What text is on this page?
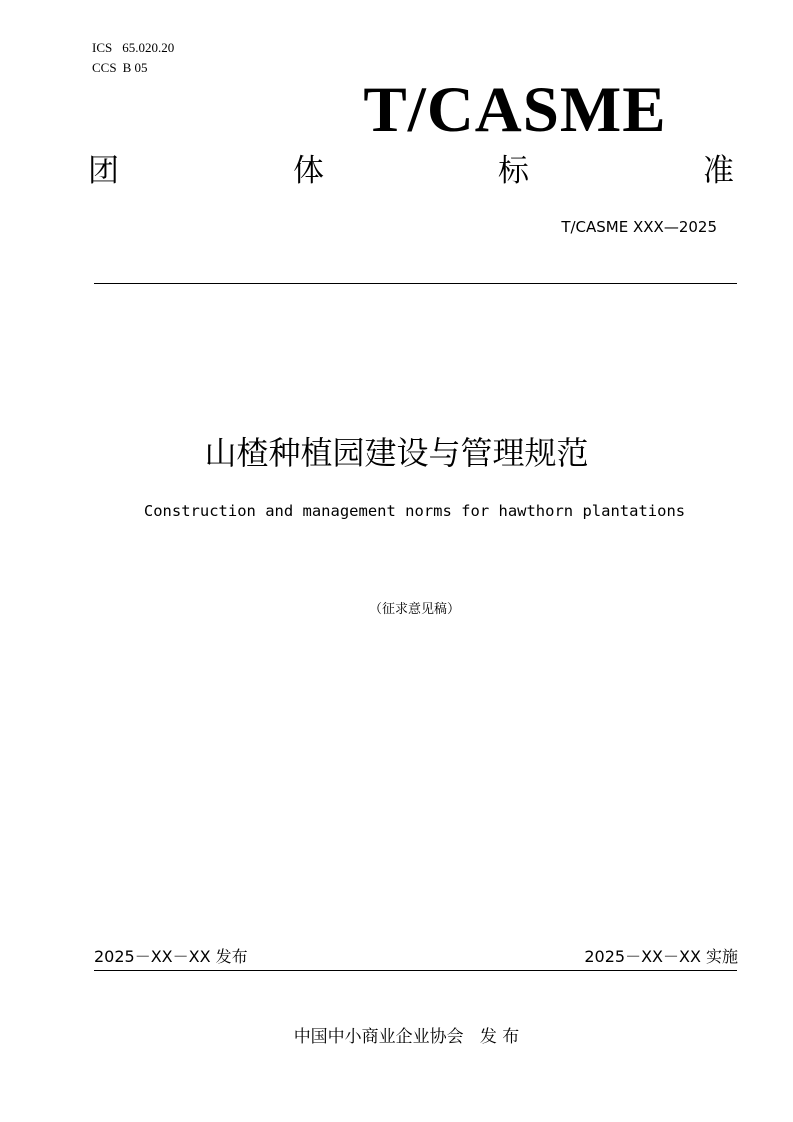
ICS 65.020.20
CCS B 05
T/CASME
团	体	标	准
T/CASME XXX—2025
山楂种植园建设与管理规范
Construction and management norms for hawthorn plantations
（征求意见稿）
2025－XX－XX 发布	2025－XX－XX 实施
中国中小商业企业协会   发 布
